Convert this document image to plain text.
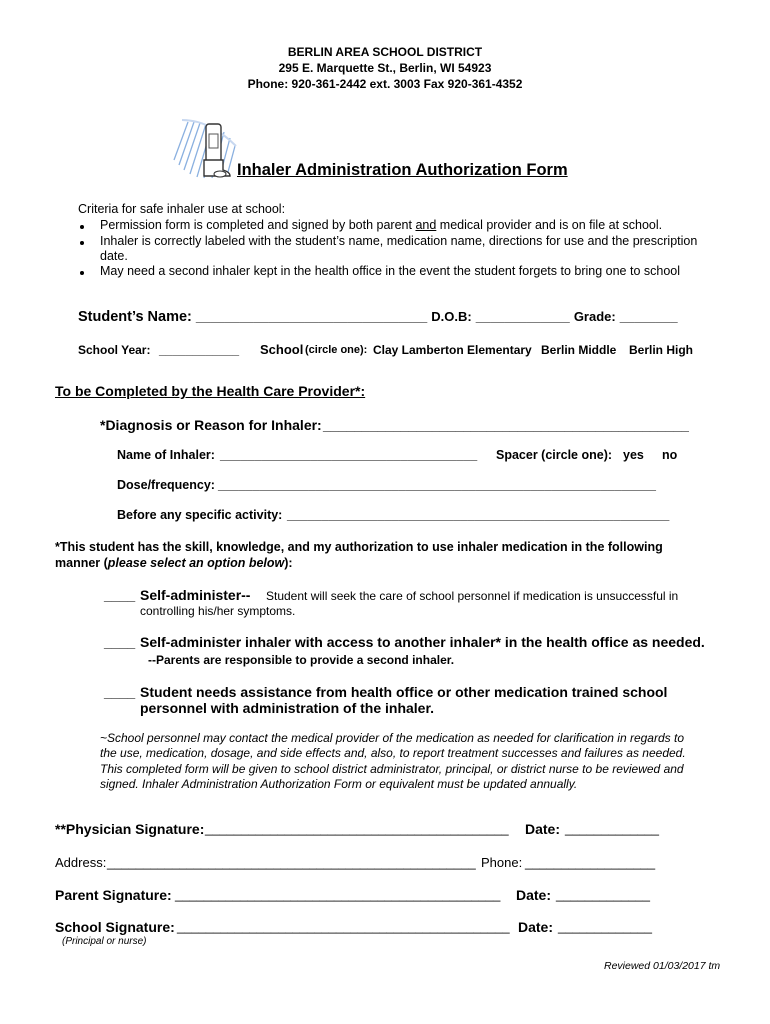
BERLIN AREA SCHOOL DISTRICT
295 E. Marquette St., Berlin, WI 54923
Phone: 920-361-2442 ext. 3003 Fax 920-361-4352
Inhaler Administration Authorization Form
Criteria for safe inhaler use at school:
Permission form is completed and signed by both parent and medical provider and is on file at school.
Inhaler is correctly labeled with the student’s name, medication name, directions for use and the prescription
date.
May need a second inhaler kept in the health office in the event the student forgets to bring one to school
Student’s Name: ________________________________ D.O.B: _____________ Grade: ________
School Year: ____________ School (circle one): Clay Lamberton Elementary Berlin Middle Berlin High
To be Completed by the Health Care Provider*:
*Diagnosis or Reason for Inhaler: _______________________________________________
Name of Inhaler: _____________________________________ Spacer (circle one): yes no
Dose/frequency: _______________________________________________________________
Before any specific activity: _______________________________________________________
*This student has the skill, knowledge, and my authorization to use inhaler medication in the following
manner (please select an option below):
____ Self-administer-- Student will seek the care of school personnel if medication is unsuccessful in
controlling his/her symptoms.
____ Self-administer inhaler with access to another inhaler* in the health office as needed.
--Parents are responsible to provide a second inhaler.
____ Student needs assistance from health office or other medication trained school
personnel with administration of the inhaler.
~School personnel may contact the medical provider of the medication as needed for clarification in regards to
the use, medication, dosage, and side effects and, also, to report treatment successes and failures as needed.
This completed form will be given to school district administrator, principal, or district nurse to be reviewed and
signed. Inhaler Administration Authorization Form or equivalent must be updated annually.
**Physician Signature: __________________________________________ Date: _____________
Address: ___________________________________________________ Phone: __________________
Parent Signature: _____________________________________________ Date: _____________
School Signature: ______________________________________________ Date: _____________
(Principal or nurse)
Reviewed 01/03/2017 tm
